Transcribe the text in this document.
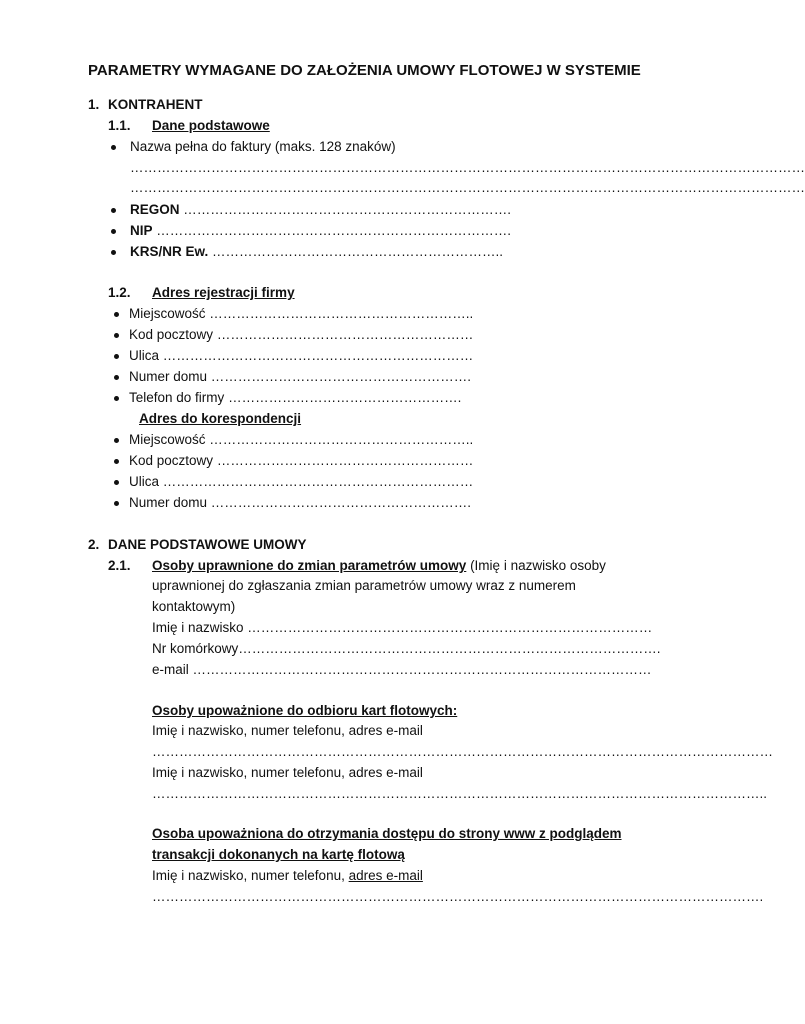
PARAMETRY WYMAGANE DO ZAŁOŻENIA UMOWY FLOTOWEJ W SYSTEMIE
1. KONTRAHENT
1.1. Dane podstawowe
Nazwa pełna do faktury (maks. 128 znaków)
……………………………………………………………………………………………………………………………………
……………………………………………………………………………………………………………………………………
REGON ……………………………………………………………….
NIP …………………………………………………………………….
KRS/NR Ew. ………………………………………………………..
1.2. Adres rejestracji firmy
Miejscowość …………………………………………………..
Kod pocztowy …………………………………………………
Ulica ……………………………………………………………
Numer domu ………………………………………………….
Telefon do firmy …………………………………………….
Adres do korespondencji
Miejscowość …………………………………………………..
Kod pocztowy …………………………………………………
Ulica ……………………………………………………………
Numer domu ………………………………………………….
2. DANE PODSTAWOWE UMOWY
2.1. Osoby uprawnione do zmian parametrów umowy (Imię i nazwisko osoby
uprawnionej do zgłaszania zmian parametrów umowy wraz z numerem
kontaktowym)
Imię i nazwisko ………………………………………………………………………………
Nr komórkowy………………………………………………………………………………….
e-mail …………………………………………………………………………………………
Osoby upoważnione do odbioru kart flotowych:
Imię i nazwisko, numer telefonu, adres e-mail
…………………………………………………………………………………………………………………………
Imię i nazwisko, numer telefonu, adres e-mail
………………………………………………………………………………………………………………………..
Osoba upoważniona do otrzymania dostępu do strony www z podglądem
transakcji dokonanych na kartę flotową
Imię i nazwisko, numer telefonu, adres e-mail
……………………………………………………………………………………………………………………….
